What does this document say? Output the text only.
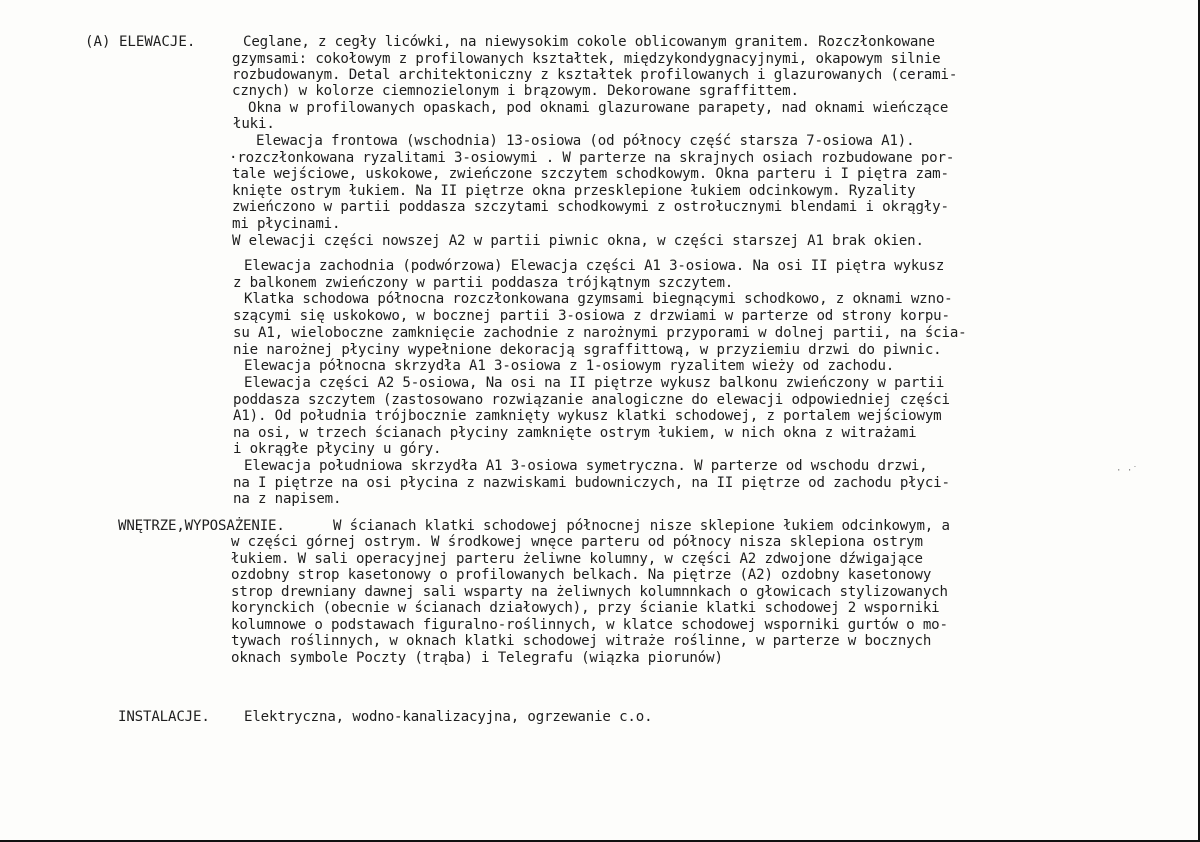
(A) ELEWACJE.	Ceglane, z cegły licówki, na niewysokim cokole oblicowanym granitem. Rozczłonkowane
gzymsami: cokołowym z profilowanych kształtek, międzykondygnacyjnymi, okapowym silnie
rozbudowanym. Detal architektoniczny z kształtek profilowanych i glazurowanych (cerami-
cznych) w kolorze ciemnozielonym i brązowym. Dekorowane sgraffittem.
Okna w profilowanych opaskach, pod oknami glazurowane parapety, nad oknami wieńczące
łuki.
Elewacja frontowa (wschodnia) 13-osiowa (od północy część starsza 7-osiowa A1).
·rozczłonkowana ryzalitami 3-osiowymi . W parterze na skrajnych osiach rozbudowane por-
tale wejściowe, uskokowe, zwieńczone szczytem schodkowym. Okna parteru i I piętra zam-
knięte ostrym łukiem. Na II piętrze okna przesklepione łukiem odcinkowym. Ryzality
zwieńczono w partii poddasza szczytami schodkowymi z ostrołucznymi blendami i okrągły-
mi płycinami.
W elewacji części nowszej A2 w partii piwnic okna, w części starszej A1 brak okien.
Elewacja zachodnia (podwórzowa) Elewacja części A1 3-osiowa. Na osi II piętra wykusz
z balkonem zwieńczony w partii poddasza trójkątnym szczytem.
Klatka schodowa północna rozczłonkowana gzymsami biegnącymi schodkowo, z oknami wzno-
szącymi się uskokowo, w bocznej partii 3-osiowa z drzwiami w parterze od strony korpu-
su A1, wieloboczne zamknięcie zachodnie z narożnymi przyporami w dolnej partii, na ścia-
nie narożnej płyciny wypełnione dekoracją sgraffittową, w przyziemiu drzwi do piwnic.
Elewacja północna skrzydła A1 3-osiowa z 1-osiowym ryzalitem wieży od zachodu.
Elewacja części A2 5-osiowa, Na osi na II piętrze wykusz balkonu zwieńczony w partii
poddasza szczytem (zastosowano rozwiązanie analogiczne do elewacji odpowiedniej części
A1). Od południa trójbocznie zamknięty wykusz klatki schodowej, z portalem wejściowym
na osi, w trzech ścianach płyciny zamknięte ostrym łukiem, w nich okna z witrażami
i okrągłe płyciny u góry.
Elewacja południowa skrzydła A1 3-osiowa symetryczna. W parterze od wschodu drzwi,
na I piętrze na osi płycina z nazwiskami budowniczych, na II piętrze od zachodu płyci-
na z napisem.
· ·˙
WNĘTRZE,WYPOSAŻENIE.	W ścianach klatki schodowej północnej nisze sklepione łukiem odcinkowym, a
w części górnej ostrym. W środkowej wnęce parteru od północy nisza sklepiona ostrym
łukiem. W sali operacyjnej parteru żeliwne kolumny, w części A2 zdwojone dźwigające
ozdobny strop kasetonowy o profilowanych belkach. Na piętrze (A2) ozdobny kasetonowy
strop drewniany dawnej sali wsparty na żeliwnych kolumnnkach o głowicach stylizowanych
korynckich (obecnie w ścianach działowych), przy ścianie klatki schodowej 2 wsporniki
kolumnowe o podstawach figuralno-roślinnych, w klatce schodowej wsporniki gurtów o mo-
tywach roślinnych, w oknach klatki schodowej witraże roślinne, w parterze w bocznych
oknach symbole Poczty (trąba) i Telegrafu (wiązka piorunów)
INSTALACJE. Elektryczna, wodno-kanalizacyjna, ogrzewanie c.o.
